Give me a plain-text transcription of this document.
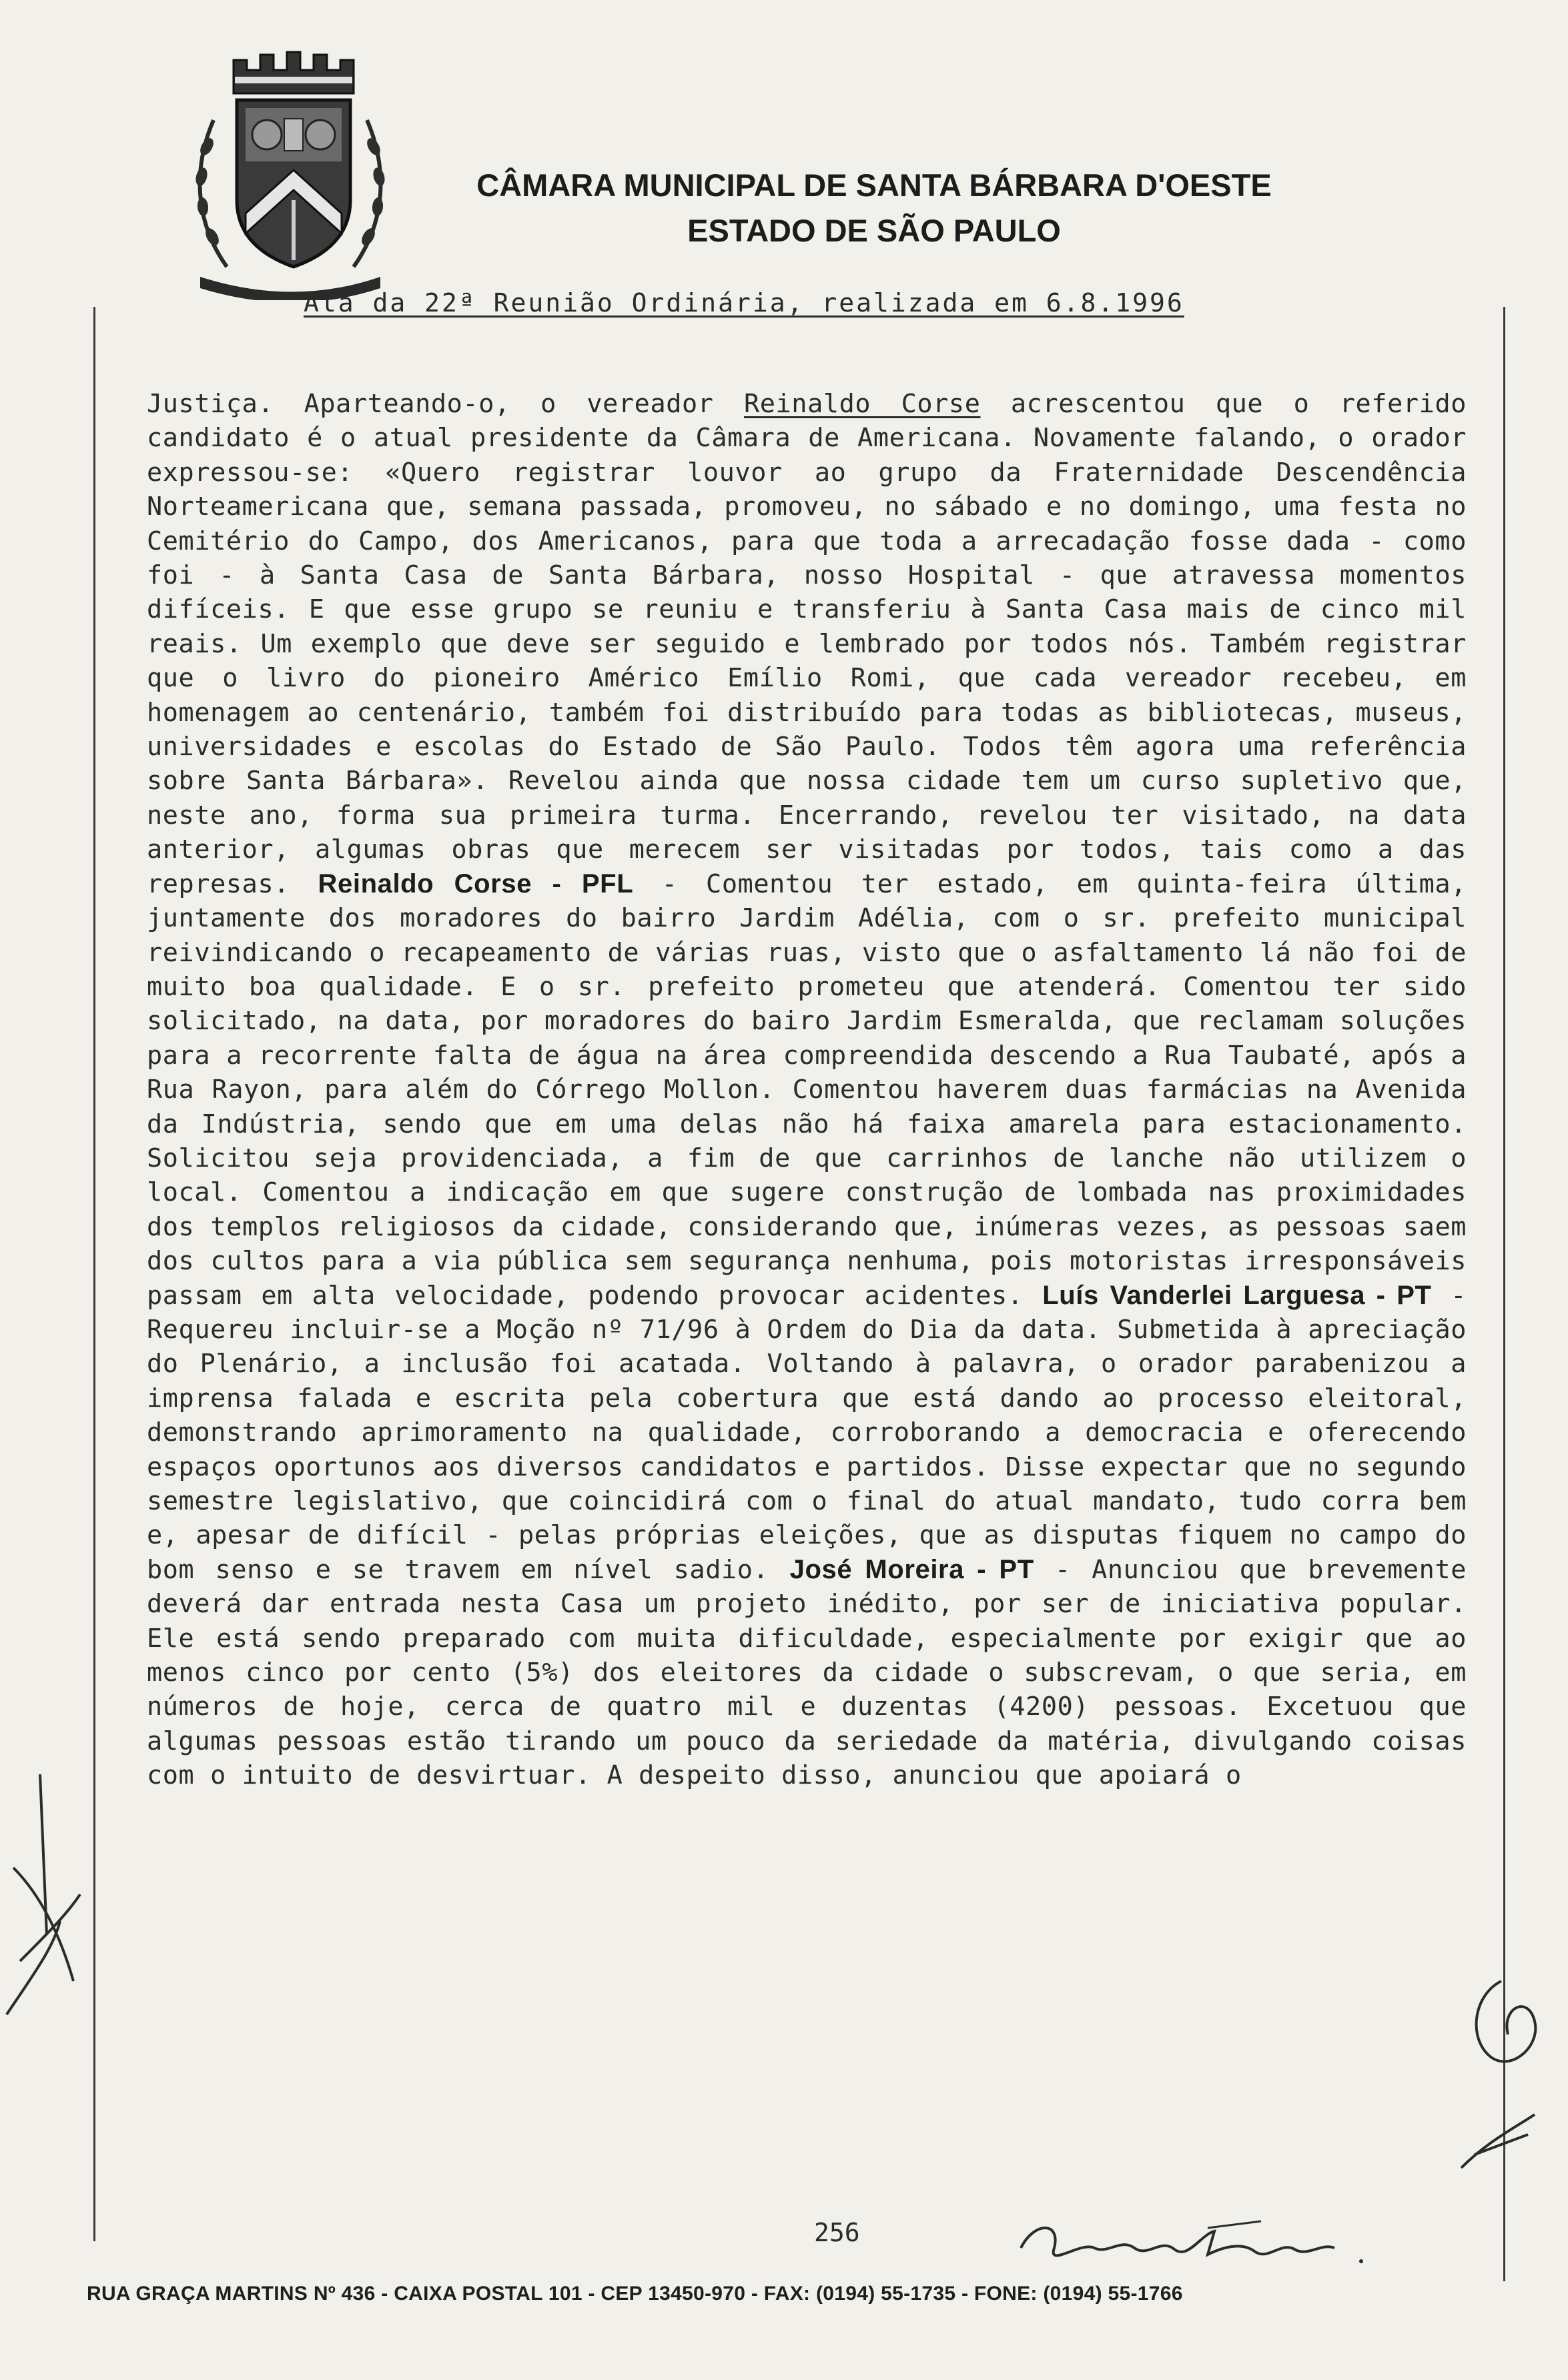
CÂMARA MUNICIPAL DE SANTA BÁRBARA D'OESTE
ESTADO DE SÃO PAULO
Ata da 22ª Reunião Ordinária, realizada em 6.8.1996

Justiça. Aparteando-o, o vereador Reinaldo Corse acrescentou que o referido candidato é o atual presidente da Câmara de Americana. Novamente falando, o orador expressou-se: «Quero registrar louvor ao grupo da Fraternidade Descendência Norteamericana que, semana passada, promoveu, no sábado e no domingo, uma festa no Cemitério do Campo, dos Americanos, para que toda a arrecadação fosse dada - como foi - à Santa Casa de Santa Bárbara, nosso Hospital - que atravessa momentos difíceis. E que esse grupo se reuniu e transferiu à Santa Casa mais de cinco mil reais. Um exemplo que deve ser seguido e lembrado por todos nós. Também registrar que o livro do pioneiro Américo Emílio Romi, que cada vereador recebeu, em homenagem ao centenário, também foi distribuído para todas as bibliotecas, museus, universidades e escolas do Estado de São Paulo. Todos têm agora uma referência sobre Santa Bárbara». Revelou ainda que nossa cidade tem um curso supletivo que, neste ano, forma sua primeira turma. Encerrando, revelou ter visitado, na data anterior, algumas obras que merecem ser visitadas por todos, tais como a das represas. Reinaldo Corse - PFL - Comentou ter estado, em quinta-feira última, juntamente dos moradores do bairro Jardim Adélia, com o sr. prefeito municipal reivindicando o recapeamento de várias ruas, visto que o asfaltamento lá não foi de muito boa qualidade. E o sr. prefeito prometeu que atenderá. Comentou ter sido solicitado, na data, por moradores do bairo Jardim Esmeralda, que reclamam soluções para a recorrente falta de água na área compreendida descendo a Rua Taubaté, após a Rua Rayon, para além do Córrego Mollon. Comentou haverem duas farmácias na Avenida da Indústria, sendo que em uma delas não há faixa amarela para estacionamento. Solicitou seja providenciada, a fim de que carrinhos de lanche não utilizem o local. Comentou a indicação em que sugere construção de lombada nas proximidades dos templos religiosos da cidade, considerando que, inúmeras vezes, as pessoas saem dos cultos para a via pública sem segurança nenhuma, pois motoristas irresponsáveis passam em alta velocidade, podendo provocar acidentes. Luís Vanderlei Larguesa - PT - Requereu incluir-se a Moção nº 71/96 à Ordem do Dia da data. Submetida à apreciação do Plenário, a inclusão foi acatada. Voltando à palavra, o orador parabenizou a imprensa falada e escrita pela cobertura que está dando ao processo eleitoral, demonstrando aprimoramento na qualidade, corroborando a democracia e oferecendo espaços oportunos aos diversos candidatos e partidos. Disse expectar que no segundo semestre legislativo, que coincidirá com o final do atual mandato, tudo corra bem e, apesar de difícil - pelas próprias eleições, que as disputas fiquem no campo do bom senso e se travem em nível sadio. José Moreira - PT - Anunciou que brevemente deverá dar entrada nesta Casa um projeto inédito, por ser de iniciativa popular. Ele está sendo preparado com muita dificuldade, especialmente por exigir que ao menos cinco por cento (5%) dos eleitores da cidade o subscrevam, o que seria, em números de hoje, cerca de quatro mil e duzentas (4200) pessoas. Excetuou que algumas pessoas estão tirando um pouco da seriedade da matéria, divulgando coisas com o intuito de desvirtuar. A despeito disso, anunciou que apoiará o

256
RUA GRAÇA MARTINS Nº 436 - CAIXA POSTAL 101 - CEP 13450-970 - FAX: (0194) 55-1735 - FONE: (0194) 55-1766
